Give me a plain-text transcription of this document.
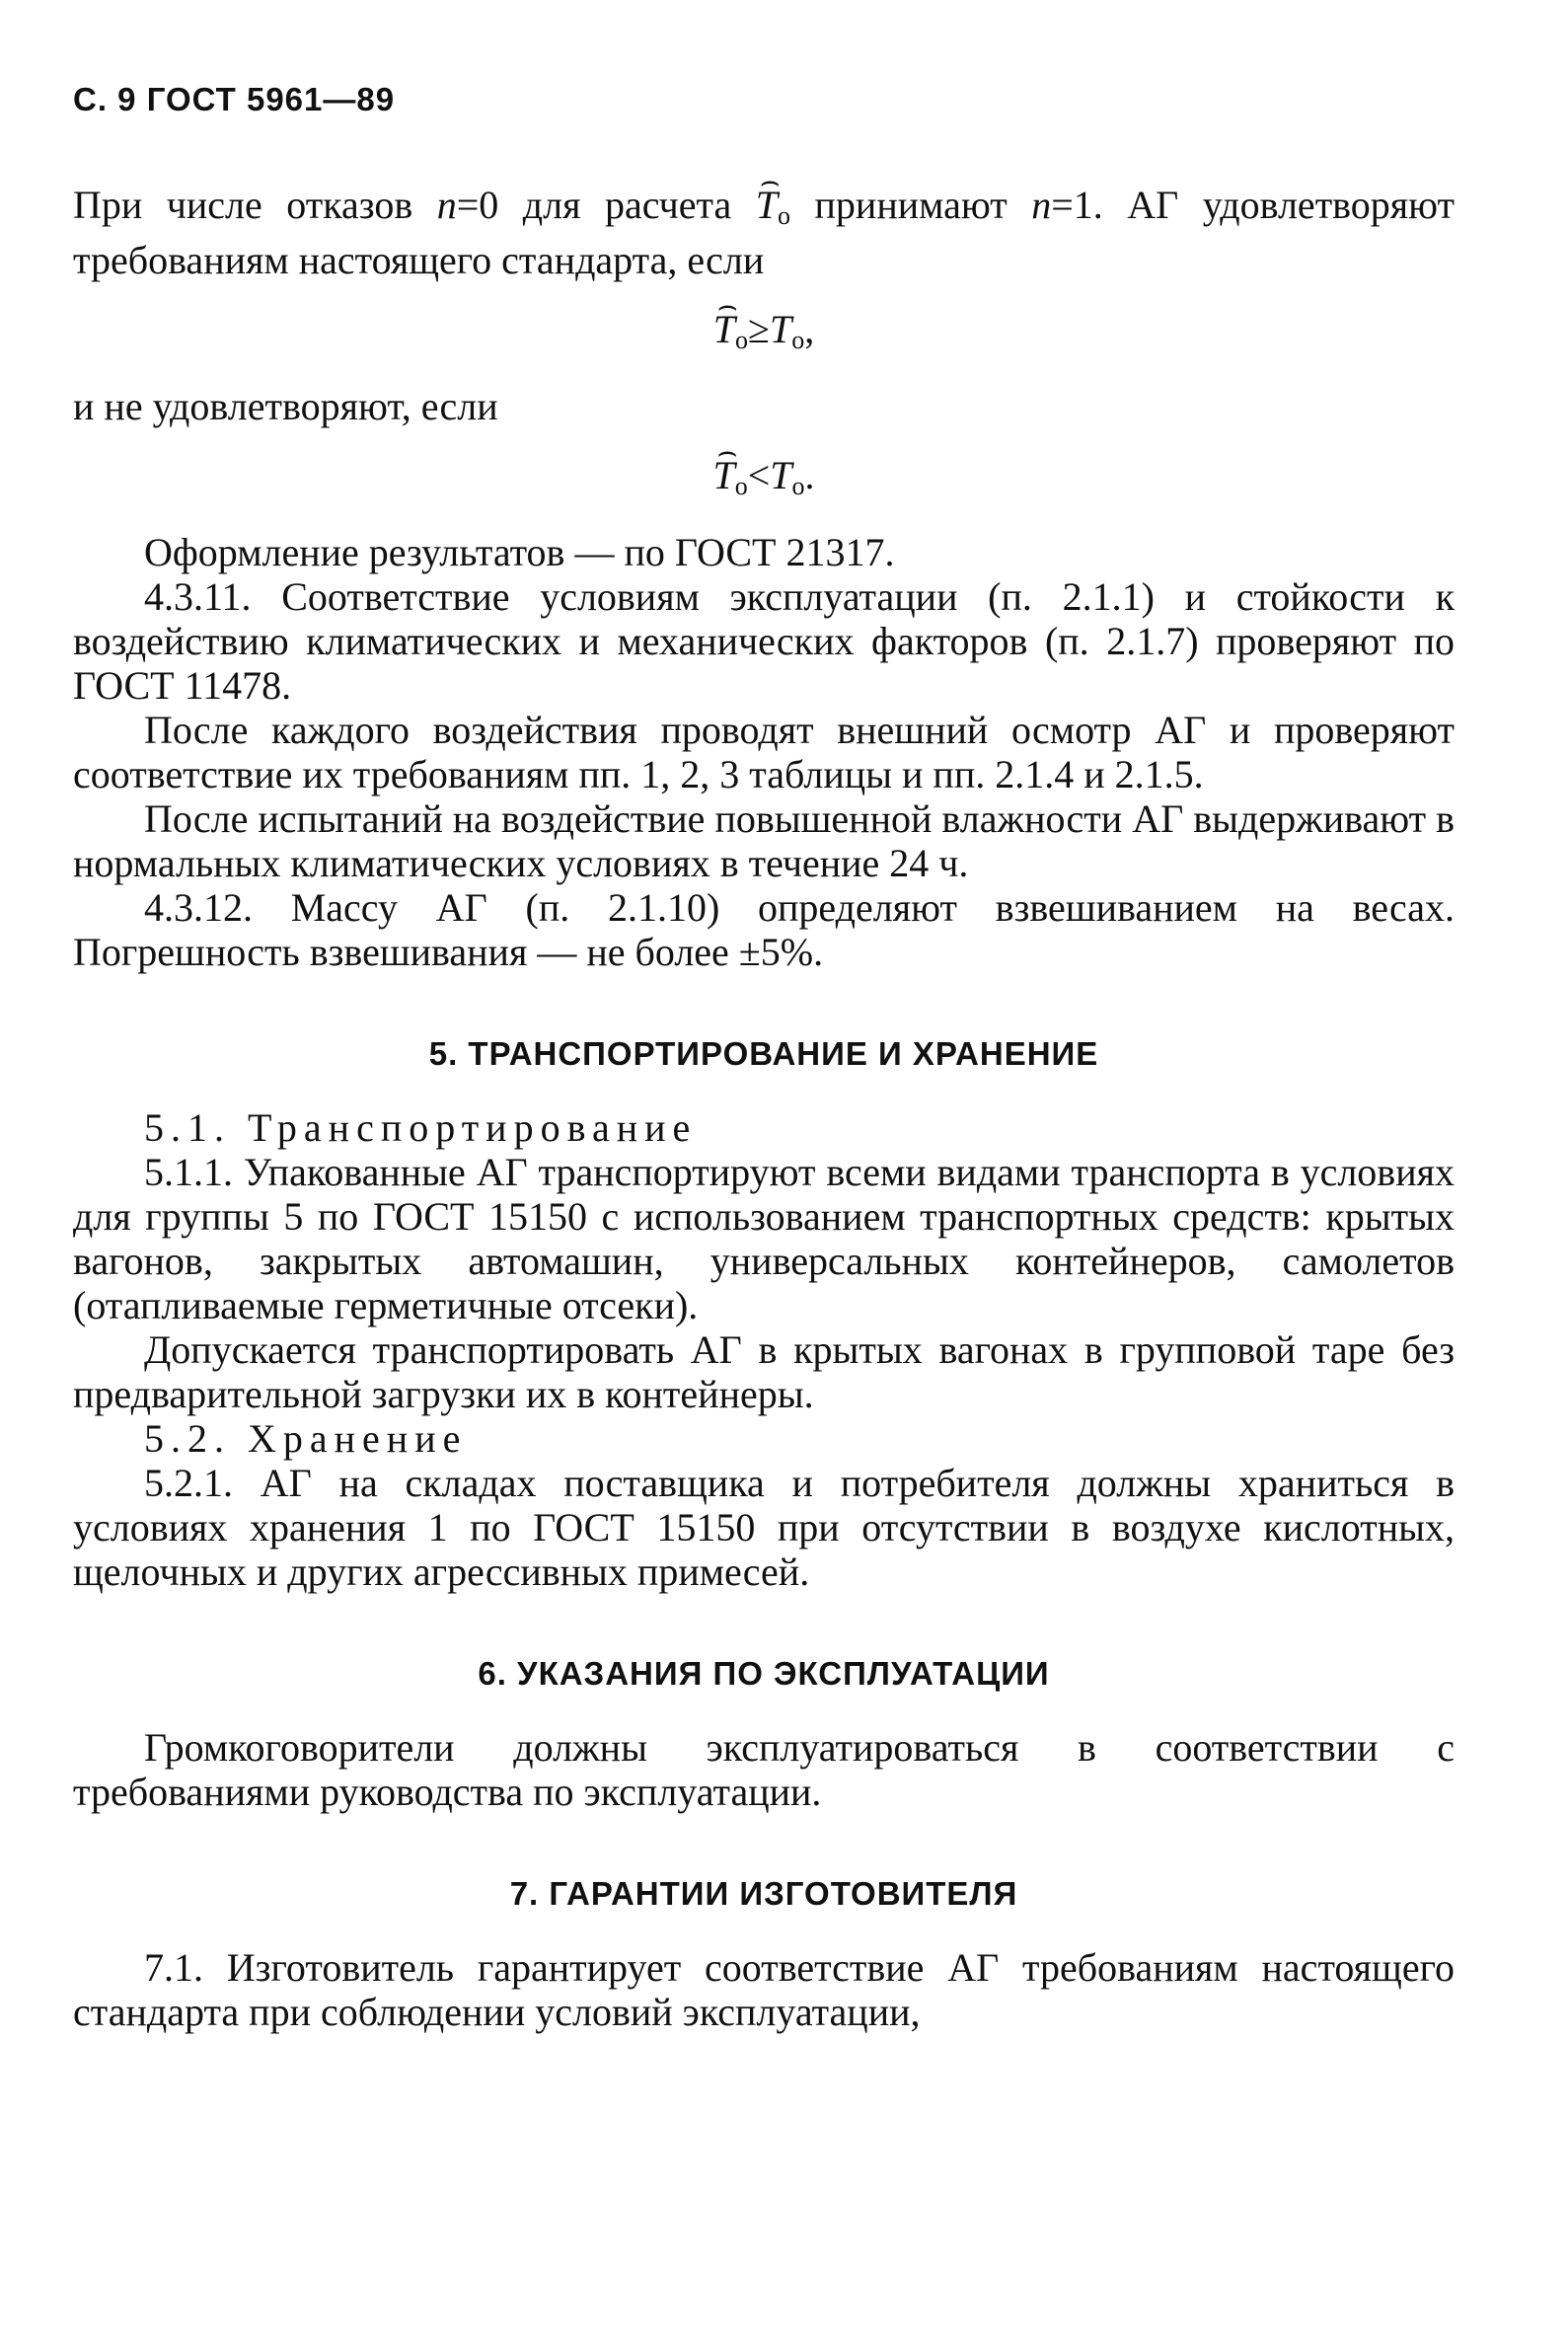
С. 9 ГОСТ 5961—89

При числе отказов n=0 для расчета ⌢ To принимают n=1. АГ удовлетворяют требованиям настоящего стандарта, если

⌢ $T_o\ge T_o$,

и не удовлетворяют, если

⌢ $T_o<T_o$.

Оформление результатов — по ГОСТ 21317.

4.3.11. Соответствие условиям эксплуатации (п. 2.1.1) и стойкости к воздействию климатических и механических факторов (п. 2.1.7) проверяют по ГОСТ 11478.

После каждого воздействия проводят внешний осмотр АГ и проверяют соответствие их требованиям пп. 1, 2, 3 таблицы и пп. 2.1.4 и 2.1.5.

После испытаний на воздействие повышенной влажности АГ выдерживают в нормальных климатических условиях в течение 24 ч.

4.3.12. Массу АГ (п. 2.1.10) определяют взвешиванием на весах. Погрешность взвешивания — не более ±5%.

5. ТРАНСПОРТИРОВАНИЕ И ХРАНЕНИЕ

5.1. Транспортирование

5.1.1. Упакованные АГ транспортируют всеми видами транспорта в условиях для группы 5 по ГОСТ 15150 с использованием транспортных средств: крытых вагонов, закрытых автомашин, универсальных контейнеров, самолетов (отапливаемые герметичные отсеки).

Допускается транспортировать АГ в крытых вагонах в групповой таре без предварительной загрузки их в контейнеры.

5.2. Хранение

5.2.1. АГ на складах поставщика и потребителя должны храниться в условиях хранения 1 по ГОСТ 15150 при отсутствии в воздухе кислотных, щелочных и других агрессивных примесей.

6. УКАЗАНИЯ ПО ЭКСПЛУАТАЦИИ

Громкоговорители должны эксплуатироваться в соответствии с требованиями руководства по эксплуатации.

7. ГАРАНТИИ ИЗГОТОВИТЕЛЯ

7.1. Изготовитель гарантирует соответствие АГ требованиям настоящего стандарта при соблюдении условий эксплуатации,
